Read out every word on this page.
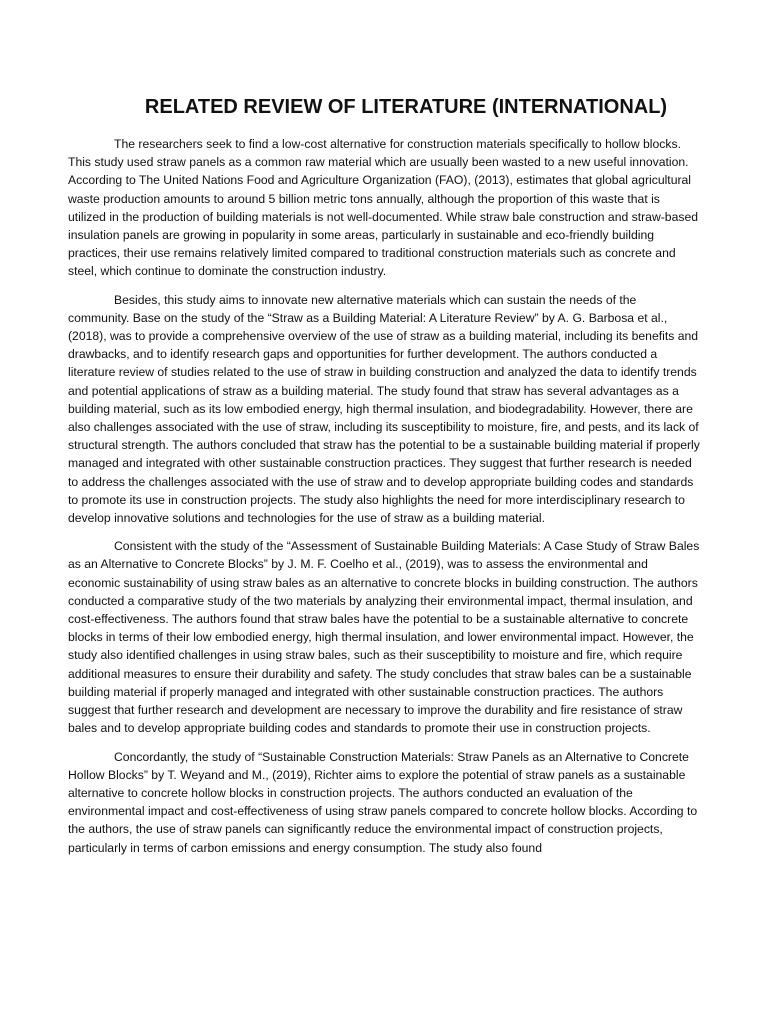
RELATED REVIEW OF LITERATURE (INTERNATIONAL)

The researchers seek to find a low-cost alternative for construction materials specifically to hollow blocks. This study used straw panels as a common raw material which are usually been wasted to a new useful innovation. According to The United Nations Food and Agriculture Organization (FAO), (2013), estimates that global agricultural waste production amounts to around 5 billion metric tons annually, although the proportion of this waste that is utilized in the production of building materials is not well-documented. While straw bale construction and straw-based insulation panels are growing in popularity in some areas, particularly in sustainable and eco-friendly building practices, their use remains relatively limited compared to traditional construction materials such as concrete and steel, which continue to dominate the construction industry.

Besides, this study aims to innovate new alternative materials which can sustain the needs of the community. Base on the study of the “Straw as a Building Material: A Literature Review” by A. G. Barbosa et al., (2018), was to provide a comprehensive overview of the use of straw as a building material, including its benefits and drawbacks, and to identify research gaps and opportunities for further development. The authors conducted a literature review of studies related to the use of straw in building construction and analyzed the data to identify trends and potential applications of straw as a building material. The study found that straw has several advantages as a building material, such as its low embodied energy, high thermal insulation, and biodegradability. However, there are also challenges associated with the use of straw, including its susceptibility to moisture, fire, and pests, and its lack of structural strength. The authors concluded that straw has the potential to be a sustainable building material if properly managed and integrated with other sustainable construction practices. They suggest that further research is needed to address the challenges associated with the use of straw and to develop appropriate building codes and standards to promote its use in construction projects. The study also highlights the need for more interdisciplinary research to develop innovative solutions and technologies for the use of straw as a building material.

Consistent with the study of the “Assessment of Sustainable Building Materials: A Case Study of Straw Bales as an Alternative to Concrete Blocks” by J. M. F. Coelho et al., (2019), was to assess the environmental and economic sustainability of using straw bales as an alternative to concrete blocks in building construction. The authors conducted a comparative study of the two materials by analyzing their environmental impact, thermal insulation, and cost-effectiveness. The authors found that straw bales have the potential to be a sustainable alternative to concrete blocks in terms of their low embodied energy, high thermal insulation, and lower environmental impact. However, the study also identified challenges in using straw bales, such as their susceptibility to moisture and fire, which require additional measures to ensure their durability and safety. The study concludes that straw bales can be a sustainable building material if properly managed and integrated with other sustainable construction practices. The authors suggest that further research and development are necessary to improve the durability and fire resistance of straw bales and to develop appropriate building codes and standards to promote their use in construction projects.

Concordantly, the study of “Sustainable Construction Materials: Straw Panels as an Alternative to Concrete Hollow Blocks” by T. Weyand and M., (2019), Richter aims to explore the potential of straw panels as a sustainable alternative to concrete hollow blocks in construction projects. The authors conducted an evaluation of the environmental impact and cost-effectiveness of using straw panels compared to concrete hollow blocks. According to the authors, the use of straw panels can significantly reduce the environmental impact of construction projects, particularly in terms of carbon emissions and energy consumption. The study also found
